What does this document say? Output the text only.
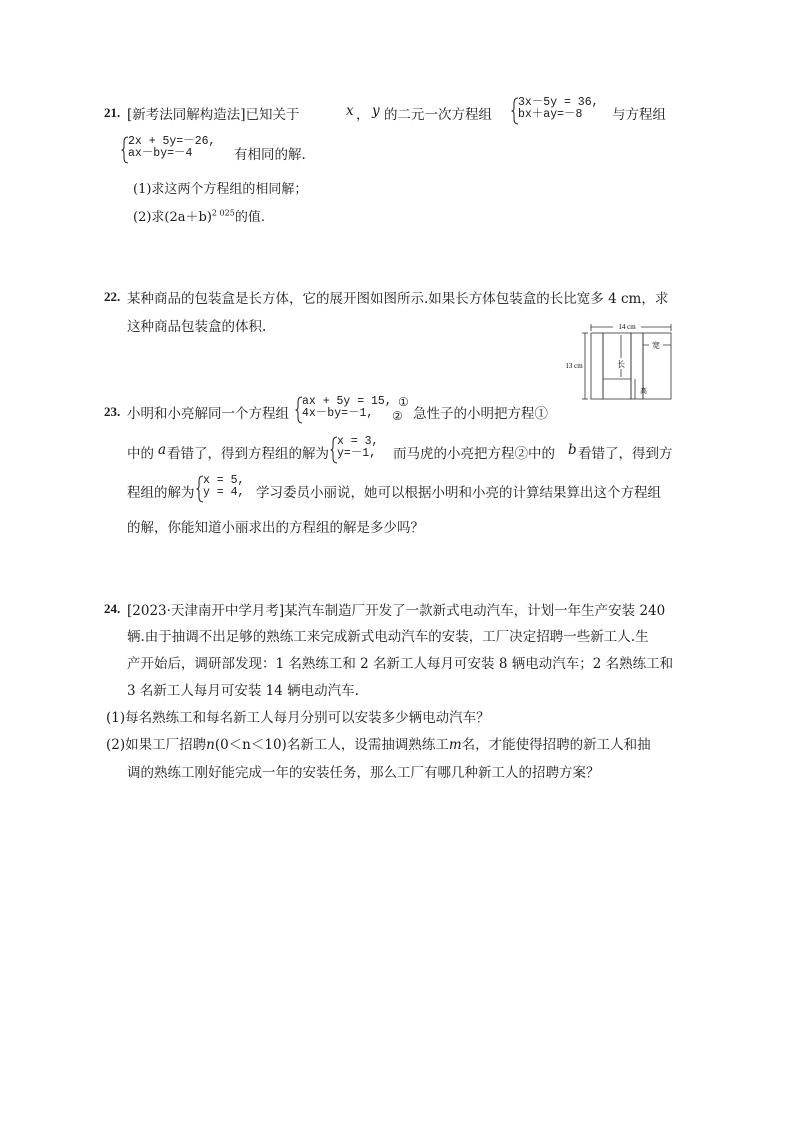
21. [新考法同解构造法]已知关于	x ， y 的二元一次方程组
3x－5y = 36,
bx＋ay=－8	与方程组
2x + 5y=－26,
ax－by=－4	有相同的解.
(1)求这两个方程组的相同解；
(2)求$(2a+b)^{2 025}$的值.
22. 某种商品的包装盒是长方体，它的展开图如图所示.如果长方体包装盒的长比宽多 4 cm，求
这种商品包装盒的体积.	14 cm
13 cm	长
宽
高
23. 小明和小亮解同一个方程组
ax + 5y = 15,
4x－by=－1,
①
② 急性子的小明把方程①
中的 a 看错了，得到方程组的解为
x = 3,
y=－1, 而马虎的小亮把方程②中的 b 看错了，得到方
x = 5,
y = 4,
程组的解为	学习委员小丽说，她可以根据小明和小亮的计算结果算出这个方程组
的解，你能知道小丽求出的方程组的解是多少吗？
24. [2023·天津南开中学月考]某汽车制造厂开发了一款新式电动汽车，计划一年生产安装 240
辆.由于抽调不出足够的熟练工来完成新式电动汽车的安装，工厂决定招聘一些新工人.生
产开始后，调研部发现：1 名熟练工和 2 名新工人每月可安装 8 辆电动汽车；2 名熟练工和
3 名新工人每月可安装 14 辆电动汽车.
(1)每名熟练工和每名新工人每月分别可以安装多少辆电动汽车？
(2)如果工厂招聘n(0＜n＜10)名新工人，设需抽调熟练工m名，才能使得招聘的新工人和抽
调的熟练工刚好能完成一年的安装任务，那么工厂有哪几种新工人的招聘方案？
